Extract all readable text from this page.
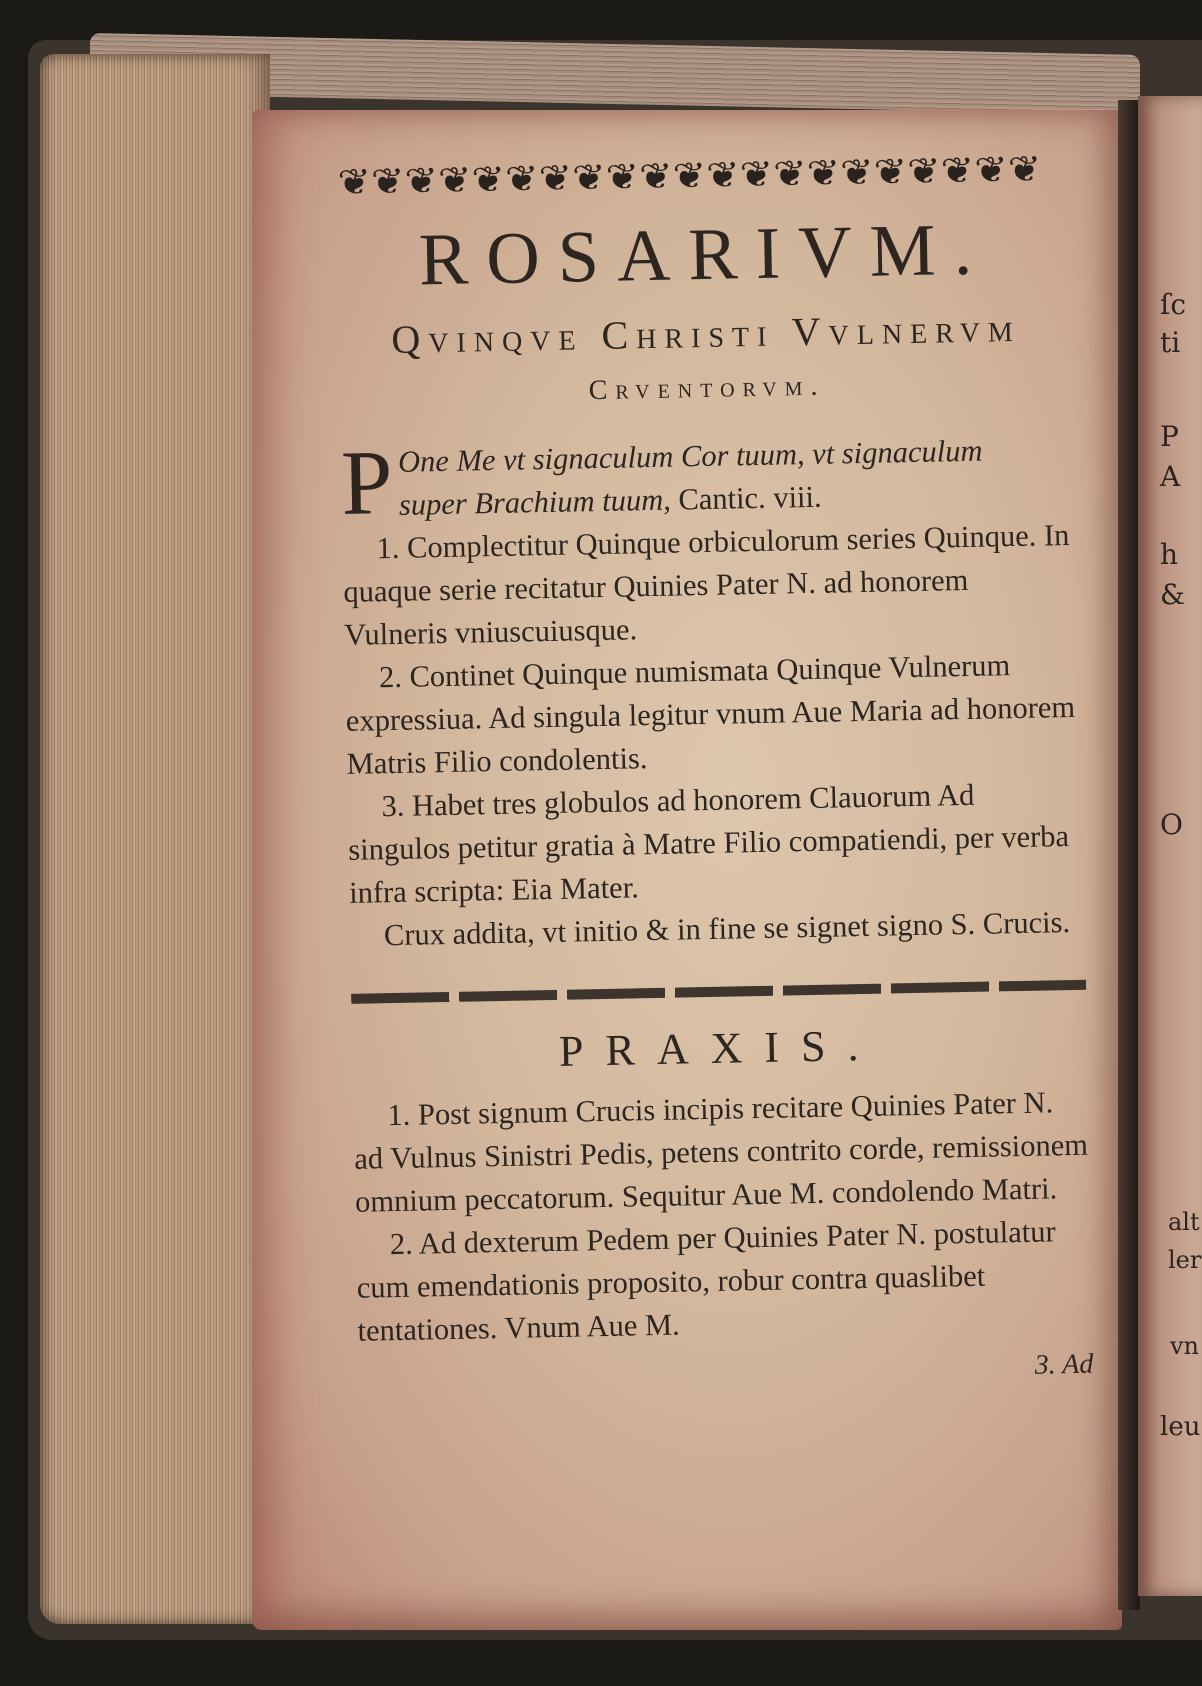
ſc
ti
P
A
h
&
O
alt
ler
vn
leu
❦❦❦❦❦❦❦❦❦❦❦❦❦❦❦❦❦❦❦❦❦
ROSARIVM.
Qvinqve Christi Vvlnervm
Crventorvm.

P One Me vt signaculum Cor tuum, vt signaculum
super Brachium tuum, Cantic. viii.

1. Complectitur Quinque orbiculorum series Quinque. In quaque serie recitatur Quinies Pater N. ad honorem Vulneris vniuscuiusque.

2. Continet Quinque numismata Quinque Vulnerum expressiua. Ad singula legitur vnum Aue Maria ad honorem Matris Filio condolentis.

3. Habet tres globulos ad honorem Clauorum Ad singulos petitur gratia à Matre Filio compatiendi, per verba infra scripta: Eia Mater.

Crux addita, vt initio & in fine se signet signo S. Crucis.

PRAXIS.

1. Post signum Crucis incipis recitare Quinies Pater N. ad Vulnus Sinistri Pedis, petens contrito corde, remissionem omnium peccatorum. Sequitur Aue M. condolendo Matri.

2. Ad dexterum Pedem per Quinies Pater N. postulatur cum emendationis proposito, robur contra quaslibet tentationes. Vnum Aue M.

3. Ad
